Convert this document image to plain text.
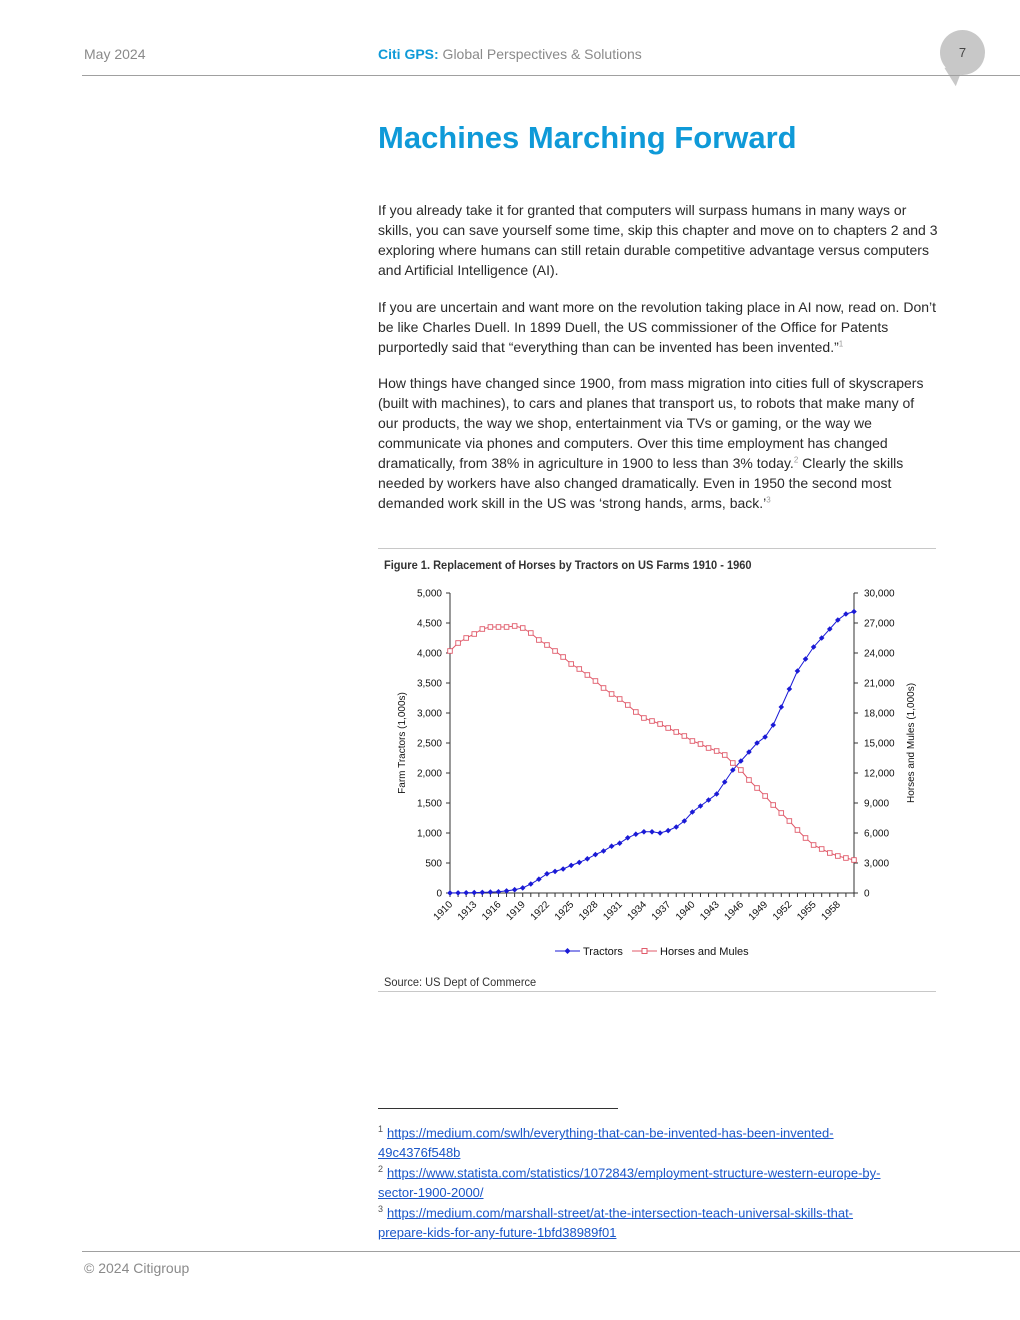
May 2024	Citi GPS: Global Perspectives & Solutions	7
Machines Marching Forward

If you already take it for granted that computers will surpass humans in many ways or skills, you can save yourself some time, skip this chapter and move on to chapters 2 and 3 exploring where humans can still retain durable competitive advantage versus computers and Artificial Intelligence (AI).

If you are uncertain and want more on the revolution taking place in AI now, read on. Don’t be like Charles Duell. In 1899 Duell, the US commissioner of the Office for Patents purportedly said that “everything than can be invented has been invented.”$^1$

How things have changed since 1900, from mass migration into cities full of skyscrapers (built with machines), to cars and planes that transport us, to robots that make many of our products, the way we shop, entertainment via TVs or gaming, or the way we communicate via phones and computers. Over this time employment has changed dramatically, from 38% in agriculture in 1900 to less than 3% today.$^2$ Clearly the skills needed by workers have also changed dramatically. Even in 1950 the second most demanded work skill in the US was ‘strong hands, arms, back.’$^3$

Figure 1. Replacement of Horses by Tractors on US Farms 1910 - 1960
0
500
1,000
1,500
2,000
2,500
3,000
3,500
4,000
4,500
5,000
0
3,000
6,000
9,000
12,000
15,000
18,000
21,000
24,000
27,000
30,000
1910 1913 1916 1919 1922 1925 1928 1931 1934 1937 1940 1943 1946 1949 1952 1955 1958
Farm Tractors (1,000s)	Horses and Mules (1,000s)
Tractors	Horses and Mules
Source: US Dept of Commerce
$^1$ https://medium.com/swlh/everything-that-can-be-invented-has-been-invented-
49c4376f548b
$^2$ https://www.statista.com/statistics/1072843/employment-structure-western-europe-by-
sector-1900-2000/
$^3$ https://medium.com/marshall-street/at-the-intersection-teach-universal-skills-that-
prepare-kids-for-any-future-1bfd38989f01
© 2024 Citigroup
